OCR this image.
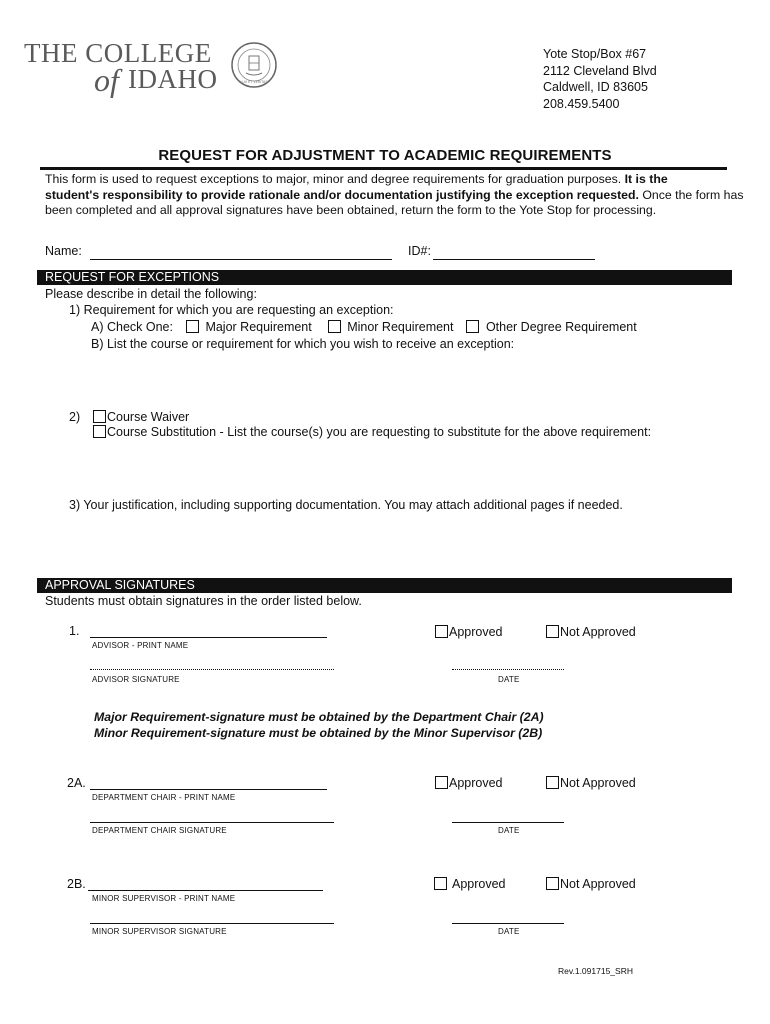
THE COLLEGE
of IDAHO	LUX ET VERITAS
Yote Stop/Box #67
2112 Cleveland Blvd
Caldwell, ID 83605
208.459.5400
REQUEST FOR ADJUSTMENT TO ACADEMIC REQUIREMENTS
This form is used to request exceptions to major, minor and degree requirements for graduation purposes. It is the
student's responsibility to provide rationale and/or documentation justifying the exception requested. Once the form has
been completed and all approval signatures have been obtained, return the form to the Yote Stop for processing.
Name:	ID#:
REQUEST FOR EXCEPTIONS
Please describe in detail the following:
1) Requirement for which you are requesting an exception:
A) Check One:	Major Requirement	Minor Requirement	Other Degree Requirement
B) List the course or requirement for which you wish to receive an exception:
2)	Course Waiver
Course Substitution - List the course(s) you are requesting to substitute for the above requirement:
3) Your justification, including supporting documentation. You may attach additional pages if needed.
APPROVAL SIGNATURES
Students must obtain signatures in the order listed below.
1.
ADVISOR - PRINT NAME
Approved	Not Approved
ADVISOR SIGNATURE	DATE
Major Requirement-signature must be obtained by the Department Chair (2A)
Minor Requirement-signature must be obtained by the Minor Supervisor (2B)
2A.
DEPARTMENT CHAIR - PRINT NAME
Approved	Not Approved
DEPARTMENT CHAIR SIGNATURE	DATE
2B.
MINOR SUPERVISOR - PRINT NAME
Approved	Not Approved
MINOR SUPERVISOR SIGNATURE	DATE
Rev.1.091715_SRH
